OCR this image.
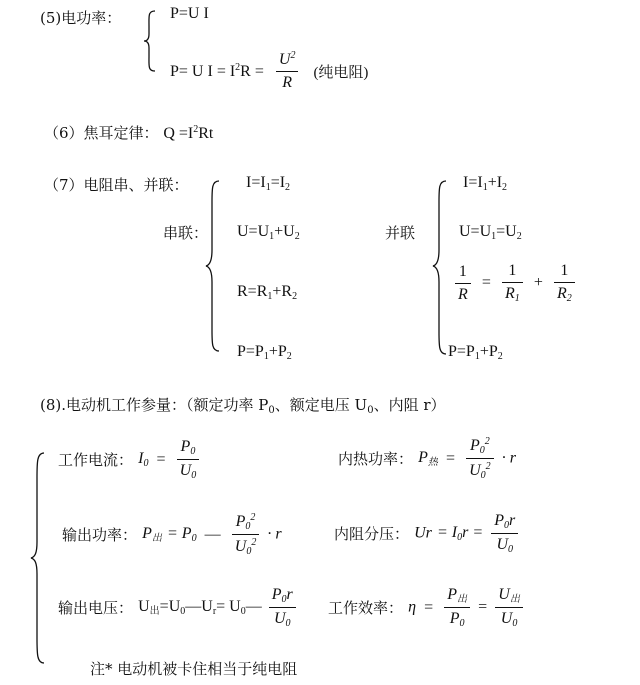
(5)电功率：	P=U I
P= U $I = I^2R = \frac{U^2}{R}$ (纯电阻)
（6）焦耳定律： $Q =I^2Rt$
（7）电阻串、并联：
串联：
$I=I_1=I_2$
$U=U_1+U_2$
$R=R_1+R_2$
$P=P_1+P_2$
并联
$I=I_1+I_2$
$U=U_1=U_2$
$\frac{1}{R} = \frac{1}{R_1} + \frac{1}{R_2}$
$P=P_1+P_2$
(8).电动机工作参量：（额定功率 $P_0$、额定电压 $U_0$、内阻 r）
工作电流： $I_0 = \frac{P_0}{U_0}$	内热功率： $P_热 = \frac{P_0^2}{U_0^2} \cdot r$
输出功率： $P_出 = P_0$ — $\frac{P_0^2}{U_0^2} \cdot r$	内阻分压： $Ur = I_0r = \frac{P_0r}{U_0}$
输出电压： $U_出=U_0—U_r=$ $U_0— \frac{P_0r}{U_0}$ 工作效率： $\eta = \frac{P_出}{P_0} = \frac{U_出}{U_0}$
注* 电动机被卡住相当于纯电阻
